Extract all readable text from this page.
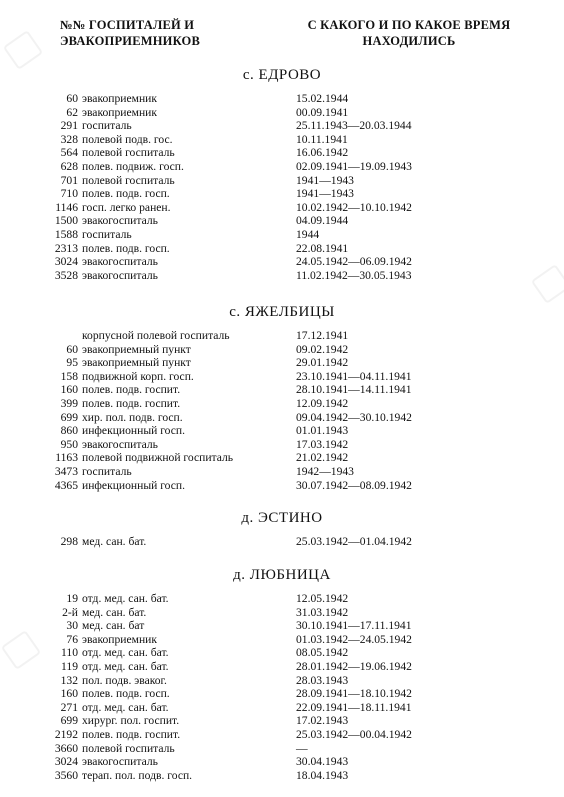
№№ ГОСПИТАЛЕЙ И
ЭВАКОПРИЕМНИКОВ
С КАКОГО И ПО КАКОЕ ВРЕМЯ
НАХОДИЛИСЬ
с. ЕДРОВО
60 эвакоприемник	15.02.1944
62 эвакоприемник	00.09.1941
291 госпиталь	25.11.1943—20.03.1944
328 полевой подв. гос.	10.11.1941
564 полевой госпиталь	16.06.1942
628 полев. подвиж. госп.	02.09.1941—19.09.1943
701 полевой госпиталь	1941—1943
710 полев. подв. госп.	1941—1943
1146 госп. легко ранен.	10.02.1942—10.10.1942
1500 эвакогоспиталь	04.09.1944
1588 госпиталь	1944
2313 полев. подв. госп.	22.08.1941
3024 эвакогоспиталь	24.05.1942—06.09.1942
3528 эвакогоспиталь	11.02.1942—30.05.1943
с. ЯЖЕЛБИЦЫ
корпусной полевой госпиталь	17.12.1941
60 эвакоприемный пункт	09.02.1942
95 эвакоприемный пункт	29.01.1942
158 подвижной корп. госп.	23.10.1941—04.11.1941
160 полев. подв. госпит.	28.10.1941—14.11.1941
399 полев. подв. госпит.	12.09.1942
699 хир. пол. подв. госп.	09.04.1942—30.10.1942
860 инфекционный госп.	01.01.1943
950 эвакогоспиталь	17.03.1942
1163 полевой подвижной госпиталь	21.02.1942
3473 госпиталь	1942—1943
4365 инфекционный госп.	30.07.1942—08.09.1942
д. ЭСТИНО
298 мед. сан. бат.	25.03.1942—01.04.1942
д. ЛЮБНИЦА
19 отд. мед. сан. бат.	12.05.1942
2-й мед. сан. бат.	31.03.1942
30 мед. сан. бат	30.10.1941—17.11.1941
76 эвакоприемник	01.03.1942—24.05.1942
110 отд. мед. сан. бат.	08.05.1942
119 отд. мед. сан. бат.	28.01.1942—19.06.1942
132 пол. подв. эваког.	28.03.1943
160 полев. подв. госп.	28.09.1941—18.10.1942
271 отд. мед. сан. бат.	22.09.1941—18.11.1941
699 хирург. пол. госпит.	17.02.1943
2192 полев. подв. госпит.	25.03.1942—00.04.1942
3660 полевой госпиталь	—
3024 эвакогоспиталь	30.04.1943
3560 терап. пол. подв. госп.	18.04.1943
